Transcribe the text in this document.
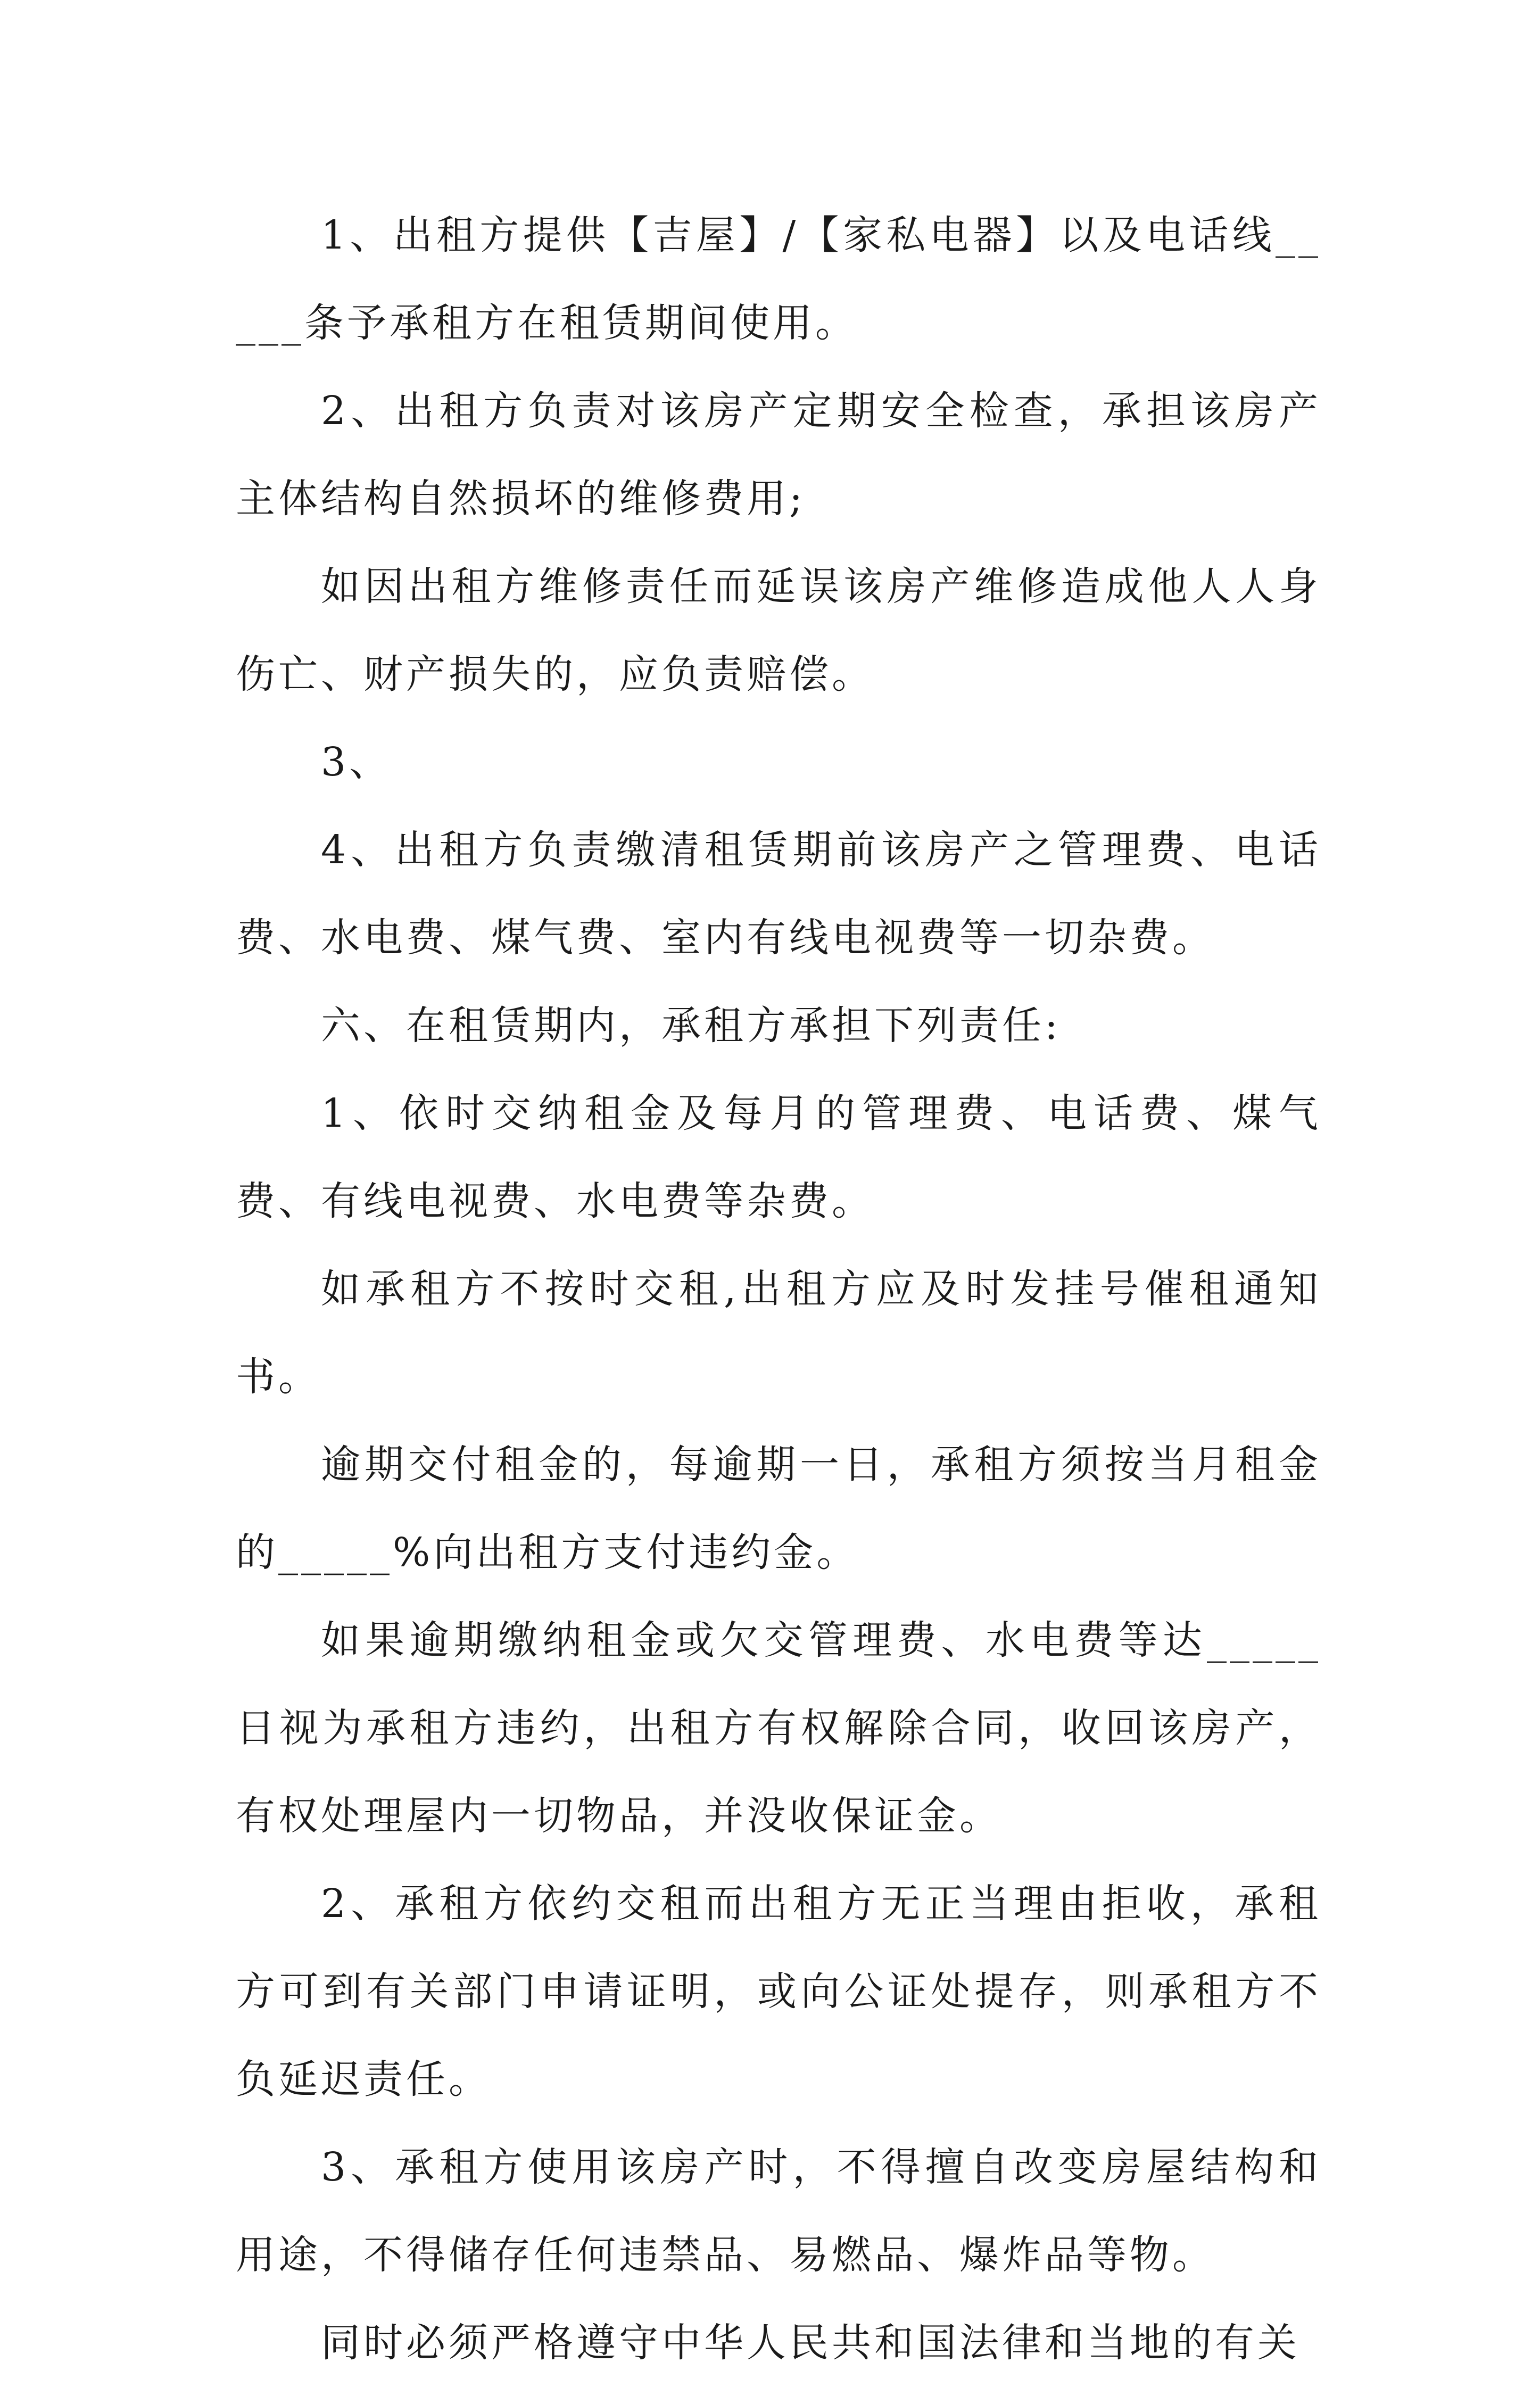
1、出租方提供【吉屋】/【家私电器】以及电话线_____条予承租方在租赁期间使用。

2、出租方负责对该房产定期安全检查，承担该房产主体结构自然损坏的维修费用;

如因出租方维修责任而延误该房产维修造成他人人身伤亡、财产损失的，应负责赔偿。

3、

4、出租方负责缴清租赁期前该房产之管理费、电话费、水电费、煤气费、室内有线电视费等一切杂费。

六、在租赁期内，承租方承担下列责任:

1、依时交纳租金及每月的管理费、电话费、煤气费、有线电视费、水电费等杂费。

如承租方不按时交租,出租方应及时发挂号催租通知书。

逾期交付租金的，每逾期一日，承租方须按当月租金的_____%向出租方支付违约金。

如果逾期缴纳租金或欠交管理费、水电费等达_____日视为承租方违约，出租方有权解除合同，收回该房产，有权处理屋内一切物品，并没收保证金。

2、承租方依约交租而出租方无正当理由拒收，承租方可到有关部门申请证明，或向公证处提存，则承租方不负延迟责任。

3、承租方使用该房产时，不得擅自改变房屋结构和用途，不得储存任何违禁品、易燃品、爆炸品等物。

同时必须严格遵守中华人民共和国法律和当地的有关
